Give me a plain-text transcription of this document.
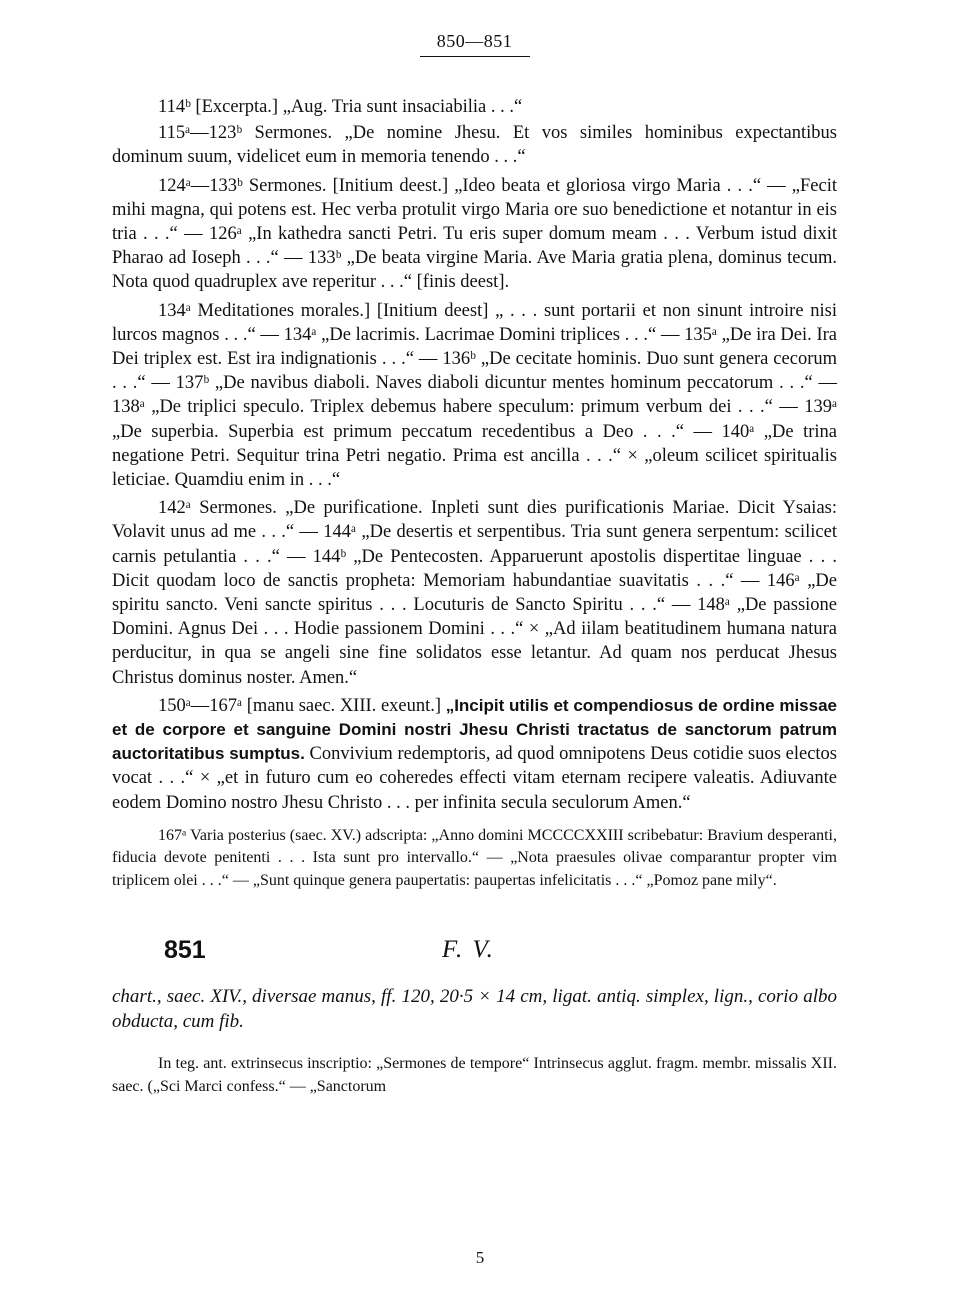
850—851

114ᵇ [Excerpta.] „Aug. Tria sunt insaciabilia . . .“

115ᵃ—123ᵇ Sermones. „De nomine Jhesu. Et vos similes hominibus expectantibus dominum suum, videlicet eum in memoria tenendo . . .“

124ᵃ—133ᵇ Sermones. [Initium deest.] „Ideo beata et gloriosa virgo Maria . . .“ — „Fecit mihi magna, qui potens est. Hec verba protulit virgo Maria ore suo benedictione et notantur in eis tria . . .“ — 126ᵃ „In kathedra sancti Petri. Tu eris super domum meam . . . Verbum istud dixit Pharao ad Ioseph . . .“ — 133ᵇ „De beata virgine Maria. Ave Maria gratia plena, dominus tecum. Nota quod quadruplex ave reperitur . . .“ [finis deest].

134ᵃ Meditationes morales.] [Initium deest] „ . . . sunt portarii et non sinunt introire nisi lurcos magnos . . .“ — 134ᵃ „De lacrimis. Lacrimae Domini triplices . . .“ — 135ᵃ „De ira Dei. Ira Dei triplex est. Est ira indignationis . . .“ — 136ᵇ „De cecitate hominis. Duo sunt genera cecorum . . .“ — 137ᵇ „De navibus diaboli. Naves diaboli dicuntur mentes hominum peccatorum . . .“ — 138ᵃ „De triplici speculo. Triplex debemus habere speculum: primum verbum dei . . .“ — 139ᵃ „De superbia. Superbia est primum peccatum recedentibus a Deo . . .“ — 140ᵃ „De trina negatione Petri. Sequitur trina Petri negatio. Prima est ancilla . . .“ × „oleum scilicet spiritualis leticiae. Quamdiu enim in . . .“

142ᵃ Sermones. „De purificatione. Inpleti sunt dies purificationis Mariae. Dicit Ysaias: Volavit unus ad me . . .“ — 144ᵃ „De desertis et serpentibus. Tria sunt genera serpentum: scilicet carnis petulantia . . .“ — 144ᵇ „De Pentecosten. Apparuerunt apostolis dispertitae linguae . . . Dicit quodam loco de sanctis propheta: Memoriam habundantiae suavitatis . . .“ — 146ᵃ „De spiritu sancto. Veni sancte spiritus . . . Locuturis de Sancto Spiritu . . .“ — 148ᵃ „De passione Domini. Agnus Dei . . . Hodie passionem Domini . . .“ × „Ad iilam beatitudinem humana natura perducitur, in qua se angeli sine fine solidatos esse letantur. Ad quam nos perducat Jhesus Christus dominus noster. Amen.“

150ᵃ—167ᵃ [manu saec. XIII. exeunt.] „Incipit utilis et compendiosus de ordine missae et de corpore et sanguine Domini nostri Jhesu Christi tractatus de sanctorum patrum auctoritatibus sumptus. Convivium redemptoris, ad quod omnipotens Deus cotidie suos electos vocat . . .“ × „et in futuro cum eo coheredes effecti vitam eternam recipere valeatis. Adiuvante eodem Domino nostro Jhesu Christo . . . per infinita secula seculorum Amen.“

167ᵃ Varia posterius (saec. XV.) adscripta: „Anno domini MCCCCXXIII scribebatur: Bravium desperanti, fiducia devote penitenti . . . Ista sunt pro intervallo.“ — „Nota praesules olivae comparantur propter vim triplicem olei . . .“ — „Sunt quinque genera paupertatis: paupertas infelicitatis . . .“ „Pomoz pane mily“.

851	F. V.

chart., saec. XIV., diversae manus, ff. 120, 20·5 × 14 cm, ligat. antiq. simplex, lign., corio albo obducta, cum fib.

In teg. ant. extrinsecus inscriptio: „Sermones de tempore“ Intrinsecus agglut. fragm. membr. missalis XII. saec. („Sci Marci confess.“ — „Sanctorum

5
